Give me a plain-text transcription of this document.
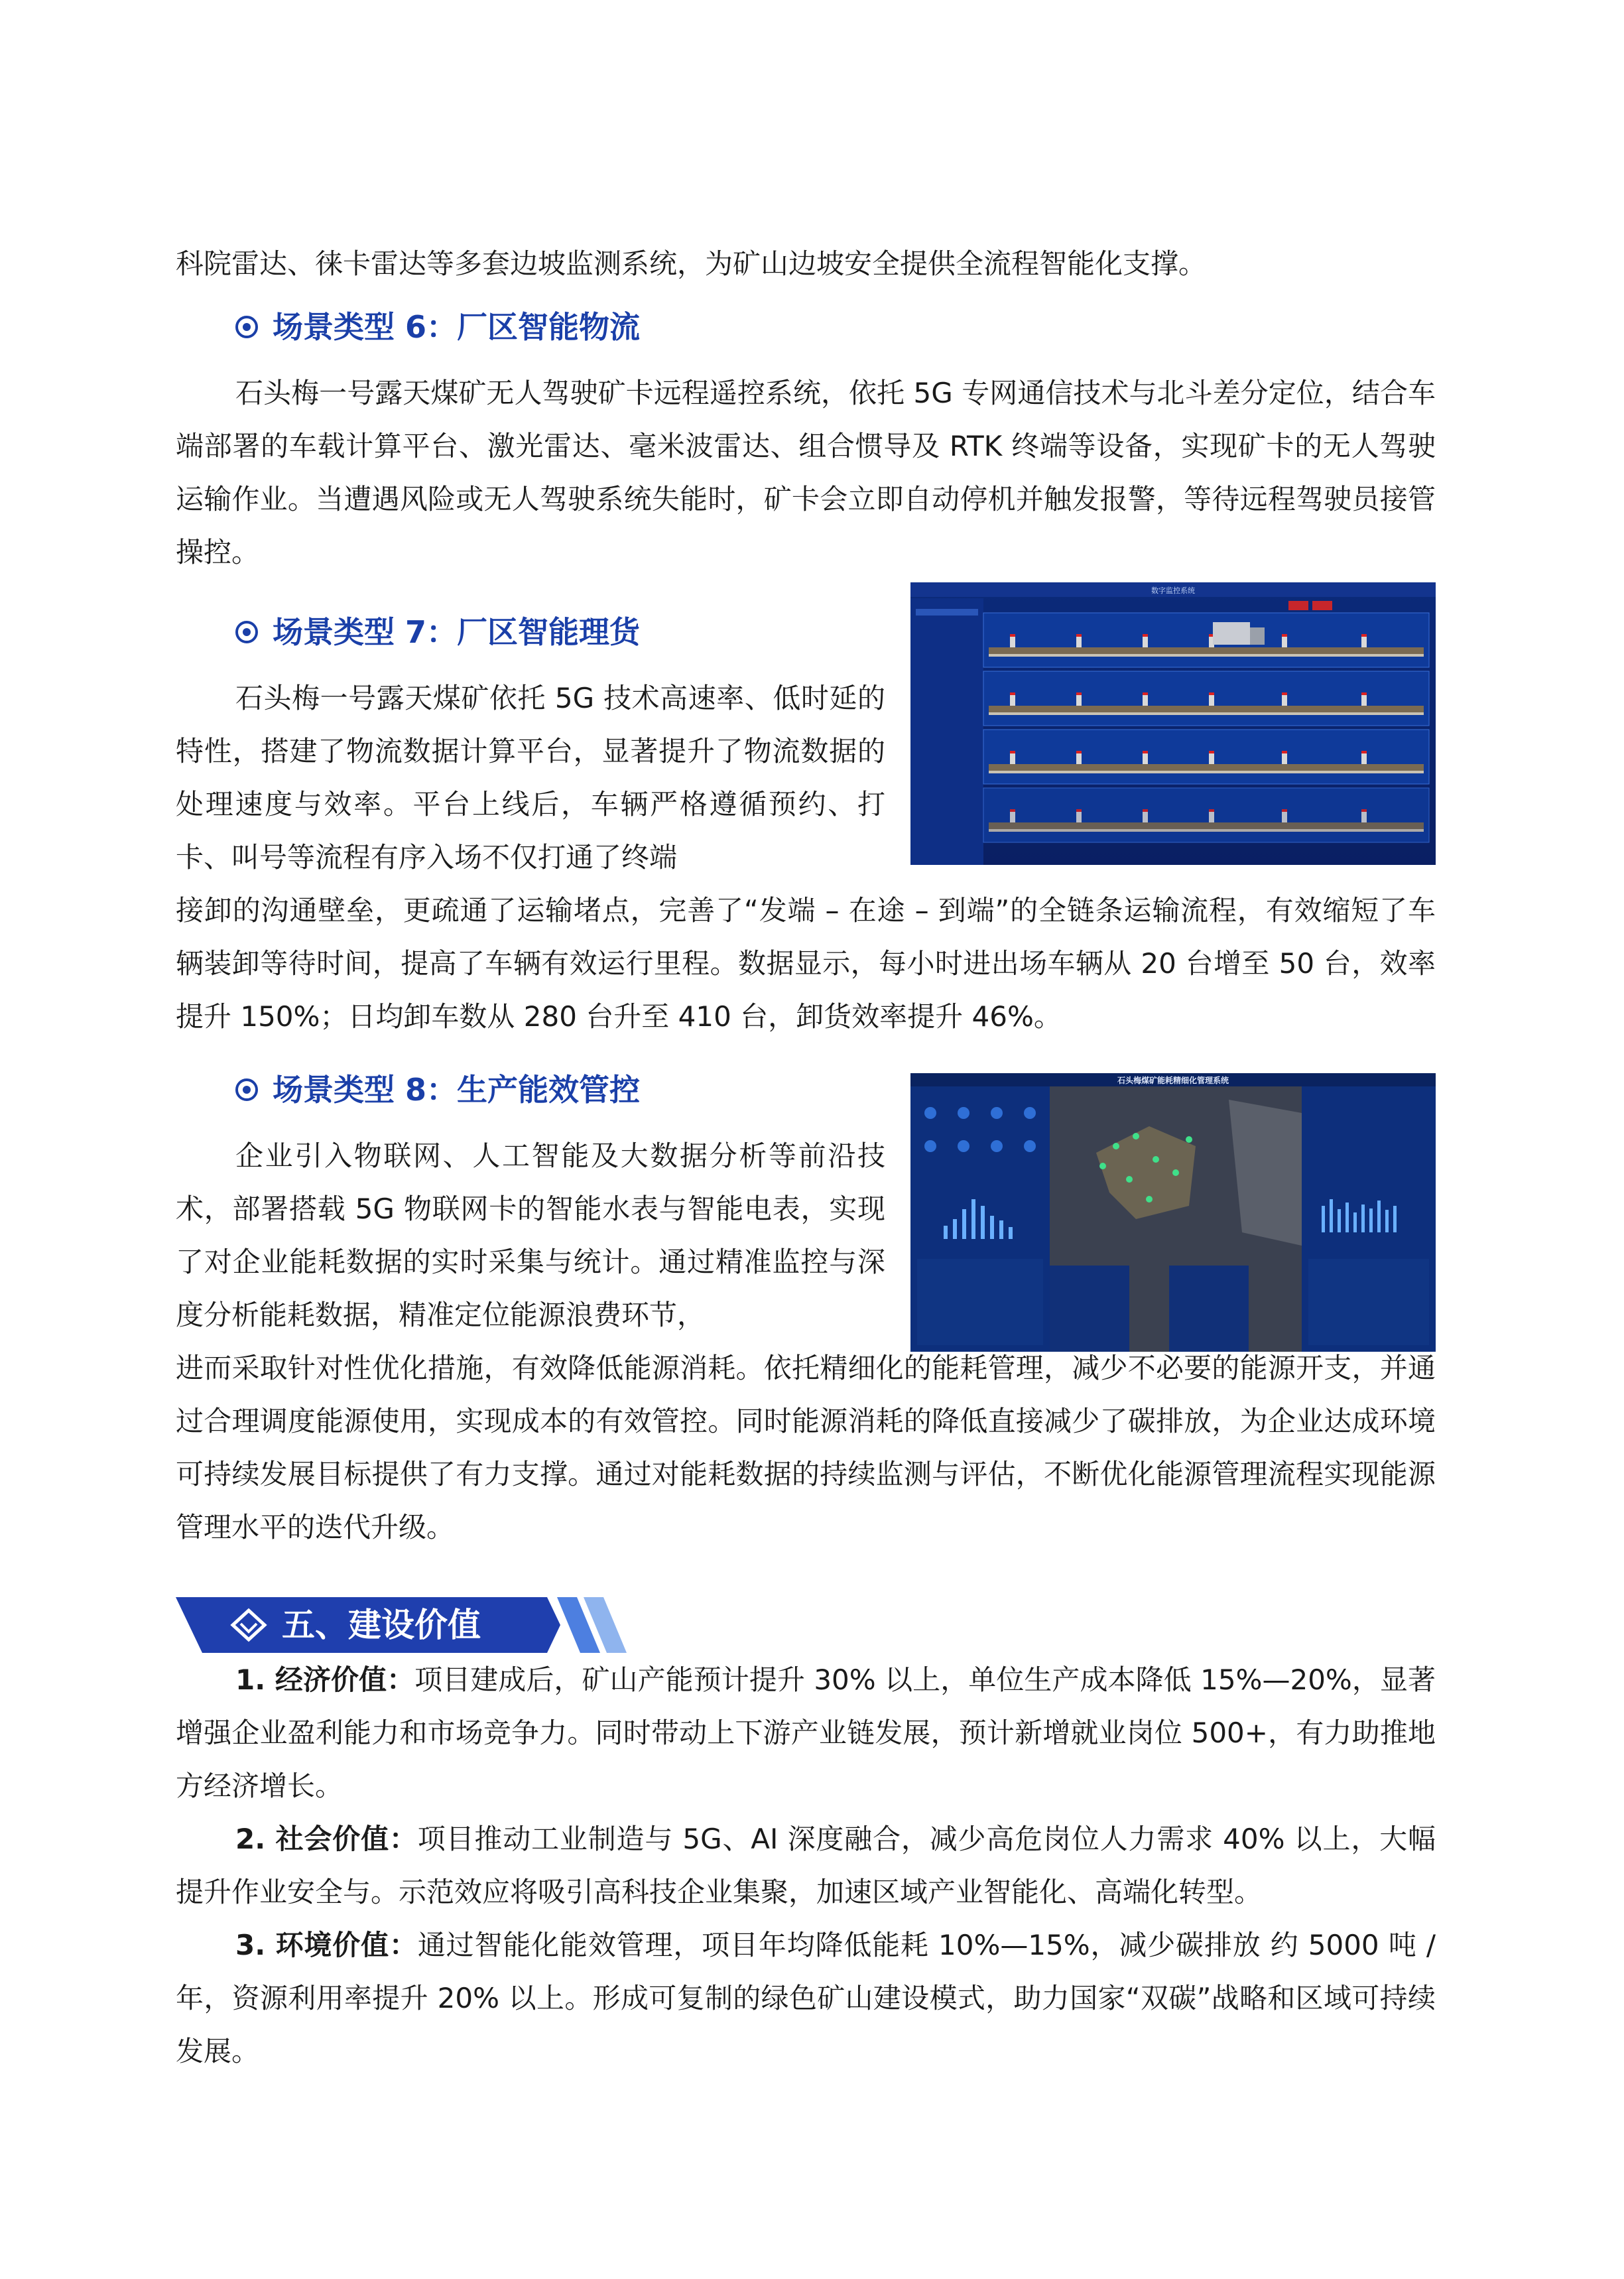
科院雷达、徕卡雷达等多套边坡监测系统，为矿山边坡安全提供全流程智能化支撑。

场景类型 6：厂区智能物流

石头梅一号露天煤矿无人驾驶矿卡远程遥控系统，依托 5G 专网通信技术与北斗差分定位，结合车端部署的车载计算平台、激光雷达、毫米波雷达、组合惯导及 RTK 终端等设备，实现矿卡的无人驾驶运输作业。当遭遇风险或无人驾驶系统失能时，矿卡会立即自动停机并触发报警，等待远程驾驶员接管操控。

场景类型 7：厂区智能理货

石头梅一号露天煤矿依托 5G 技术高速率、低时延的特性，搭建了物流数据计算平台，显著提升了物流数据的处理速度与效率。平台上线后，车辆严格遵循预约、打卡、叫号等流程有序入场不仅打通了终端

接卸的沟通壁垒，更疏通了运输堵点，完善了“发端 – 在途 – 到端”的全链条运输流程，有效缩短了车辆装卸等待时间，提高了车辆有效运行里程。数据显示，每小时进出场车辆从 20 台增至 50 台，效率提升 150%；日均卸车数从 280 台升至 410 台，卸货效率提升 46%。

数字监控系统

场景类型 8：生产能效管控

企业引入物联网、人工智能及大数据分析等前沿技术，部署搭载 5G 物联网卡的智能水表与智能电表，实现了对企业能耗数据的实时采集与统计。通过精准监控与深度分析能耗数据，精准定位能源浪费环节，

进而采取针对性优化措施，有效降低能源消耗。依托精细化的能耗管理，减少不必要的能源开支，并通过合理调度能源使用，实现成本的有效管控。同时能源消耗的降低直接减少了碳排放，为企业达成环境可持续发展目标提供了有力支撑。通过对能耗数据的持续监测与评估，不断优化能源管理流程实现能源管理水平的迭代升级。

石头梅煤矿能耗精细化管理系统
五、建设价值

1. 经济价值：项目建成后，矿山产能预计提升 30% 以上，单位生产成本降低 15%—20%，显著增强企业盈利能力和市场竞争力。同时带动上下游产业链发展，预计新增就业岗位 500+，有力助推地方经济增长。

2. 社会价值：项目推动工业制造与 5G、AI 深度融合，减少高危岗位人力需求 40% 以上，大幅提升作业安全与。示范效应将吸引高科技企业集聚，加速区域产业智能化、高端化转型。

3. 环境价值：通过智能化能效管理，项目年均降低能耗 10%—15%，减少碳排放 约 5000 吨 / 年，资源利用率提升 20% 以上。形成可复制的绿色矿山建设模式，助力国家“双碳”战略和区域可持续发展。
